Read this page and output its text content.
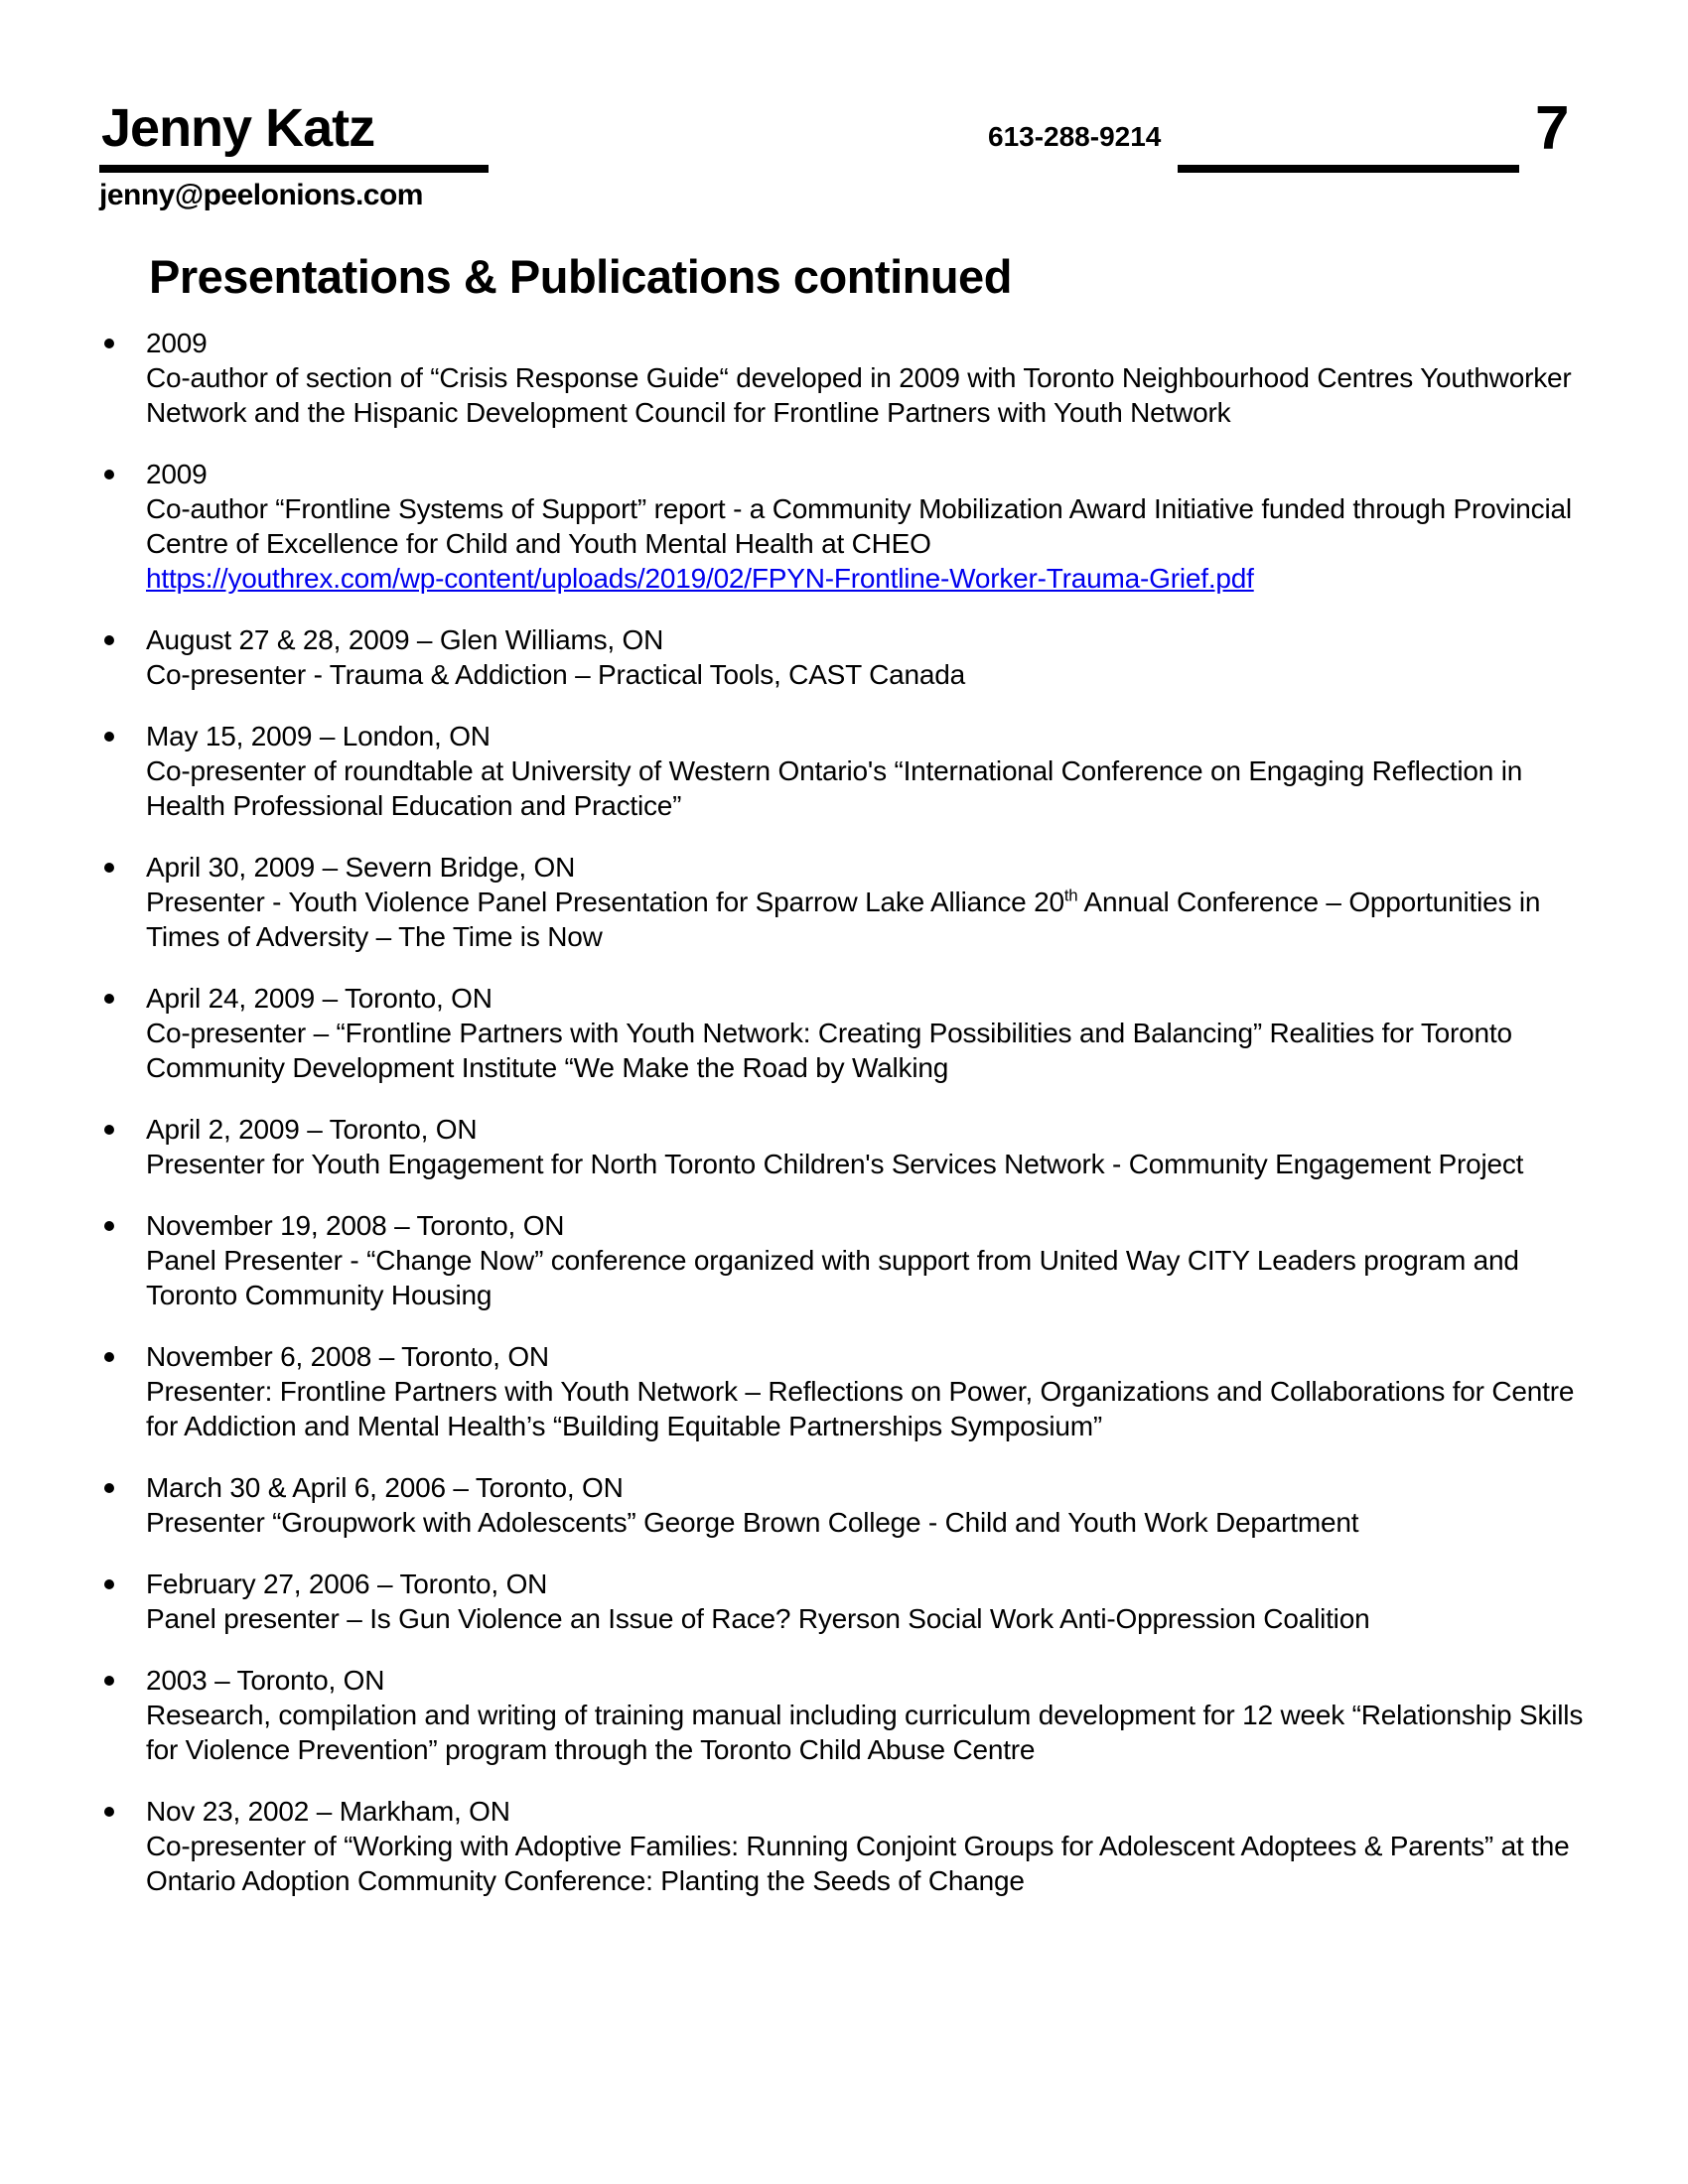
Jenny Katz
jenny@peelonions.com
613-288-9214	7
Presentations & Publications continued
2009
Co-author of section of “Crisis Response Guide“ developed in 2009 with Toronto Neighbourhood Centres Youthworker Network and the Hispanic Development Council for Frontline Partners with Youth Network
2009
Co-author “Frontline Systems of Support” report - a Community Mobilization Award Initiative funded through Provincial Centre of Excellence for Child and Youth Mental Health at CHEO
https://youthrex.com/wp-content/uploads/2019/02/FPYN-Frontline-Worker-Trauma-Grief.pdf
August 27 & 28, 2009 – Glen Williams, ON
Co-presenter - Trauma & Addiction – Practical Tools, CAST Canada
May 15, 2009 – London, ON
Co-presenter of roundtable at University of Western Ontario's “International Conference on Engaging Reflection in Health Professional Education and Practice”
April 30, 2009 – Severn Bridge, ON
Presenter - Youth Violence Panel Presentation for Sparrow Lake Alliance 20th Annual Conference – Opportunities in Times of Adversity – The Time is Now
April 24, 2009 – Toronto, ON
Co-presenter – “Frontline Partners with Youth Network: Creating Possibilities and Balancing” Realities for Toronto Community Development Institute “We Make the Road by Walking
April 2, 2009 – Toronto, ON
Presenter for Youth Engagement for North Toronto Children's Services Network - Community Engagement Project
November 19, 2008 – Toronto, ON
Panel Presenter - “Change Now” conference organized with support from United Way CITY Leaders program and Toronto Community Housing
November 6, 2008 – Toronto, ON
Presenter: Frontline Partners with Youth Network – Reflections on Power, Organizations and Collaborations for Centre for Addiction and Mental Health’s “Building Equitable Partnerships Symposium”
March 30 & April 6, 2006 – Toronto, ON
Presenter “Groupwork with Adolescents” George Brown College - Child and Youth Work Department
February 27, 2006 – Toronto, ON
Panel presenter – Is Gun Violence an Issue of Race? Ryerson Social Work Anti-Oppression Coalition
2003 – Toronto, ON
Research, compilation and writing of training manual including curriculum development for 12 week “Relationship Skills for Violence Prevention” program through the Toronto Child Abuse Centre
Nov 23, 2002 – Markham, ON
Co-presenter of “Working with Adoptive Families: Running Conjoint Groups for Adolescent Adoptees & Parents” at the Ontario Adoption Community Conference: Planting the Seeds of Change
